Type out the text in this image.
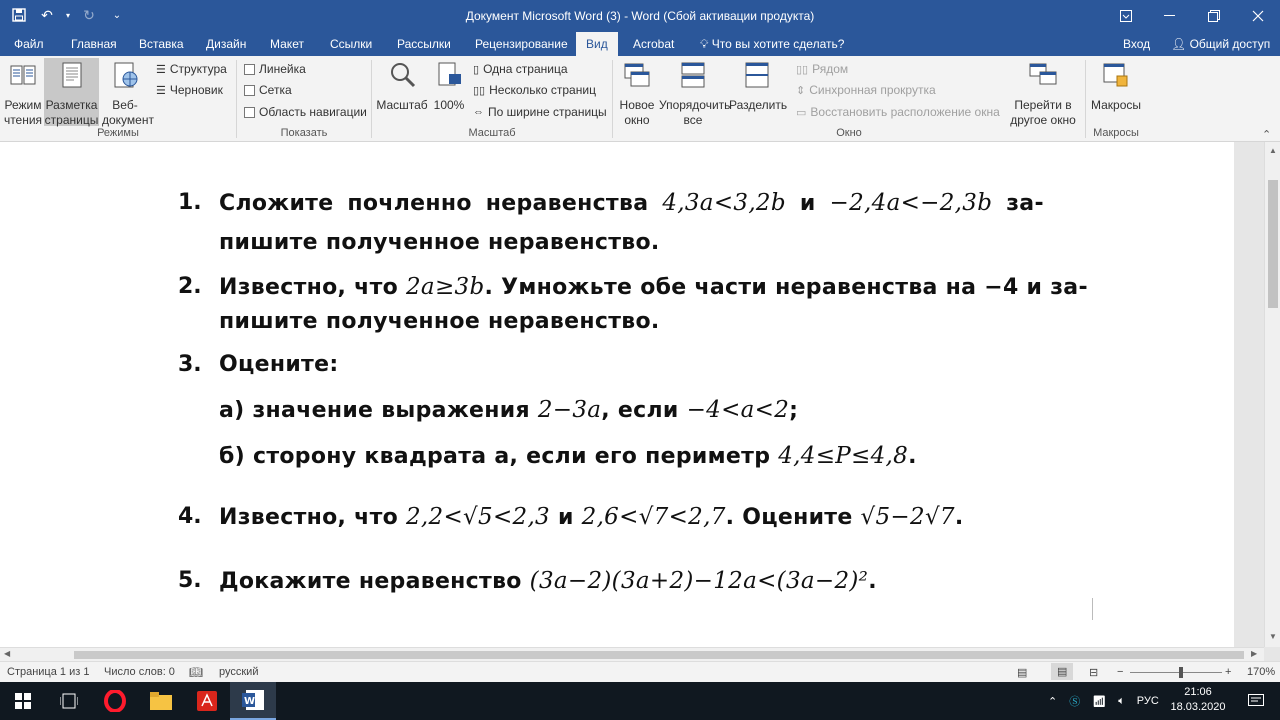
↶	▾ ↻	⌄	Документ Microsoft Word (3) - Word (Сбой активации продукта)
Файл Главная Вставка Дизайн Макет Ссылки Рассылки Рецензирование	Вид	Acrobat 💡︎ Что вы хотите сделать?	Вход	👤︎ Общий доступ
Режим чтения
Разметка страницы
Веб-документ
☰ Структура
☰ Черновик
Режимы
Линейка
Сетка
Область навигации
Показать
Масштаб 100%
▯ Одна страница
▯▯ Несколько страниц
⇔ По ширине страницы
Масштаб
Новое окно
Упорядочить все
Разделить
▯▯ Рядом
⇕ Синхронная прокрутка
▭ Восстановить расположение окна	Перейти в другое окно
Окно
Макросы
Макросы	⌃
1. Сложите почленно неравенства 4,3a<3,2b и −2,4a<−2,3b за-
пишите полученное неравенство.
2. Известно, что 2a≥3b. Умножьте обе части неравенства на −4 и за-
пишите полученное неравенство.
3. Оцените:
а) значение выражения 2−3a, если −4<a<2;
б) сторону квадрата a, если его периметр 4,4≤P≤4,8.
4. Известно, что 2,2<√5<2,3 и 2,6<√7<2,7. Оцените √5−2√7.
5. Докажите неравенство (3a−2)(3a+2)−12a<(3a−2)².
▲
▼
◀	▶
Страница 1 из 1 Число слов: 0 📖︎ русский	▤	▤	⊟ −	+ 170%
W	⌃ Ⓢ 📶︎ 🔈︎ РУС
21:06
18.03.2020
